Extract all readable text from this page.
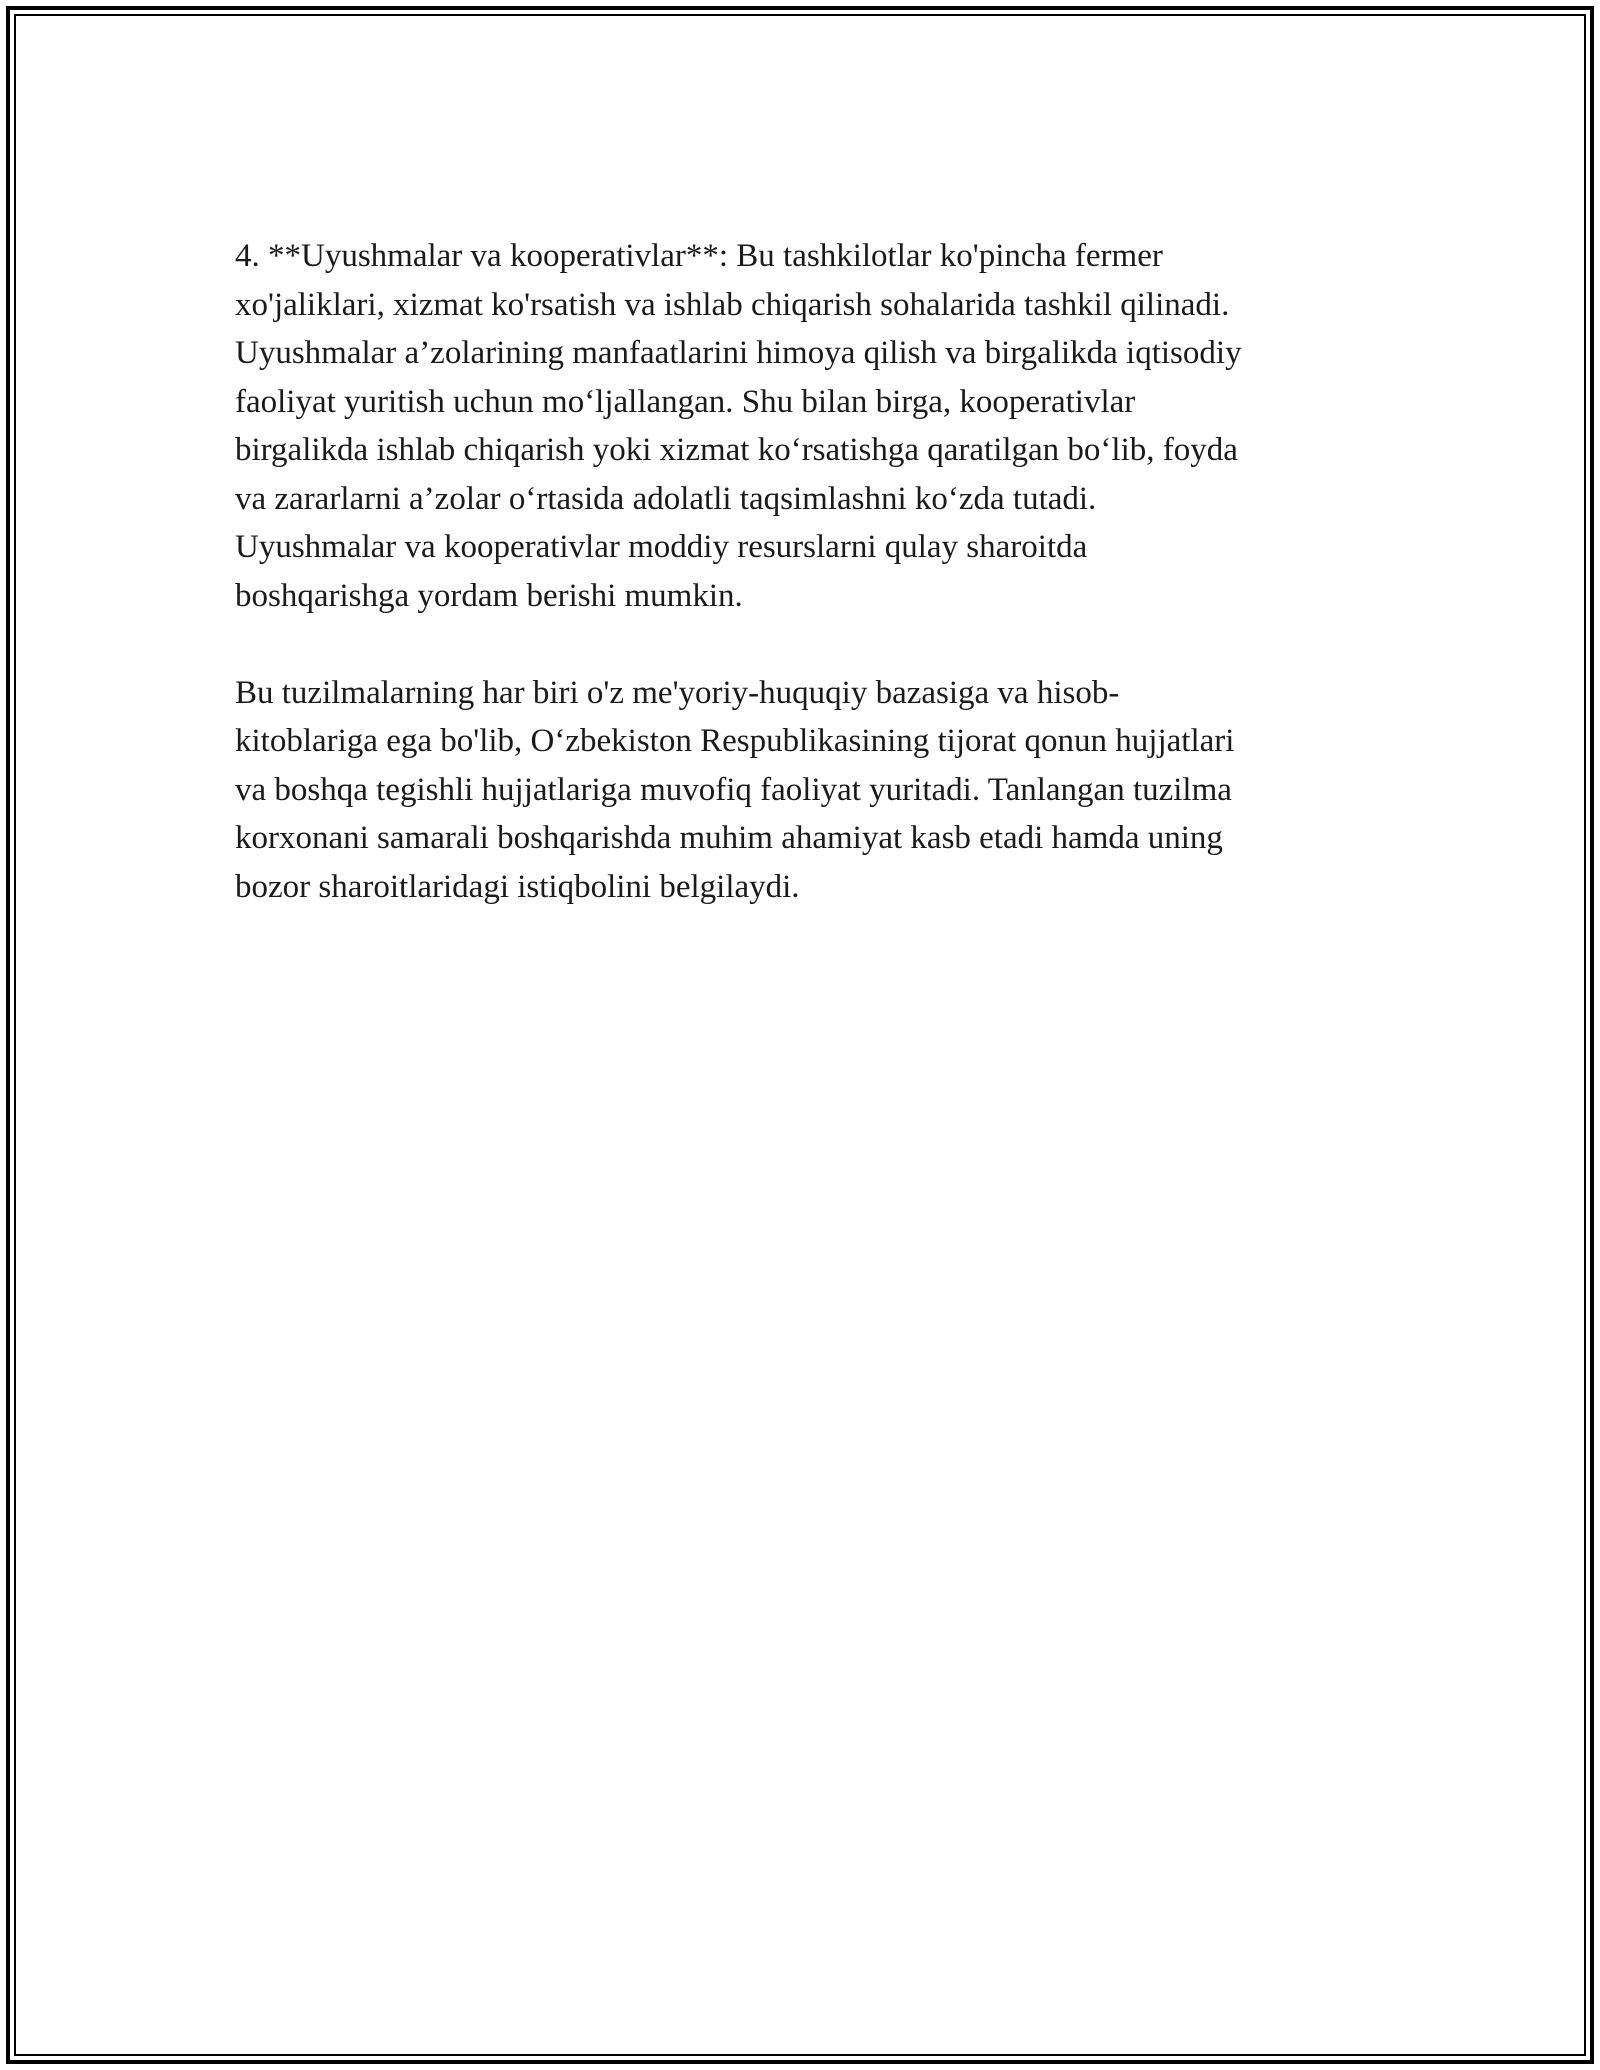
4. **Uyushmalar va kooperativlar**: Bu tashkilotlar ko'pincha fermer
xo'jaliklari, xizmat ko'rsatish va ishlab chiqarish sohalarida tashkil qilinadi.
Uyushmalar a’zolarining manfaatlarini himoya qilish va birgalikda iqtisodiy
faoliyat yuritish uchun mo‘ljallangan. Shu bilan birga, kooperativlar
birgalikda ishlab chiqarish yoki xizmat ko‘rsatishga qaratilgan bo‘lib, foyda
va zararlarni a’zolar o‘rtasida adolatli taqsimlashni ko‘zda tutadi.
Uyushmalar va kooperativlar moddiy resurslarni qulay sharoitda
boshqarishga yordam berishi mumkin.

Bu tuzilmalarning har biri o'z me'yoriy-huquqiy bazasiga va hisob-
kitoblariga ega bo'lib, O‘zbekiston Respublikasining tijorat qonun hujjatlari
va boshqa tegishli hujjatlariga muvofiq faoliyat yuritadi. Tanlangan tuzilma
korxonani samarali boshqarishda muhim ahamiyat kasb etadi hamda uning
bozor sharoitlaridagi istiqbolini belgilaydi.
